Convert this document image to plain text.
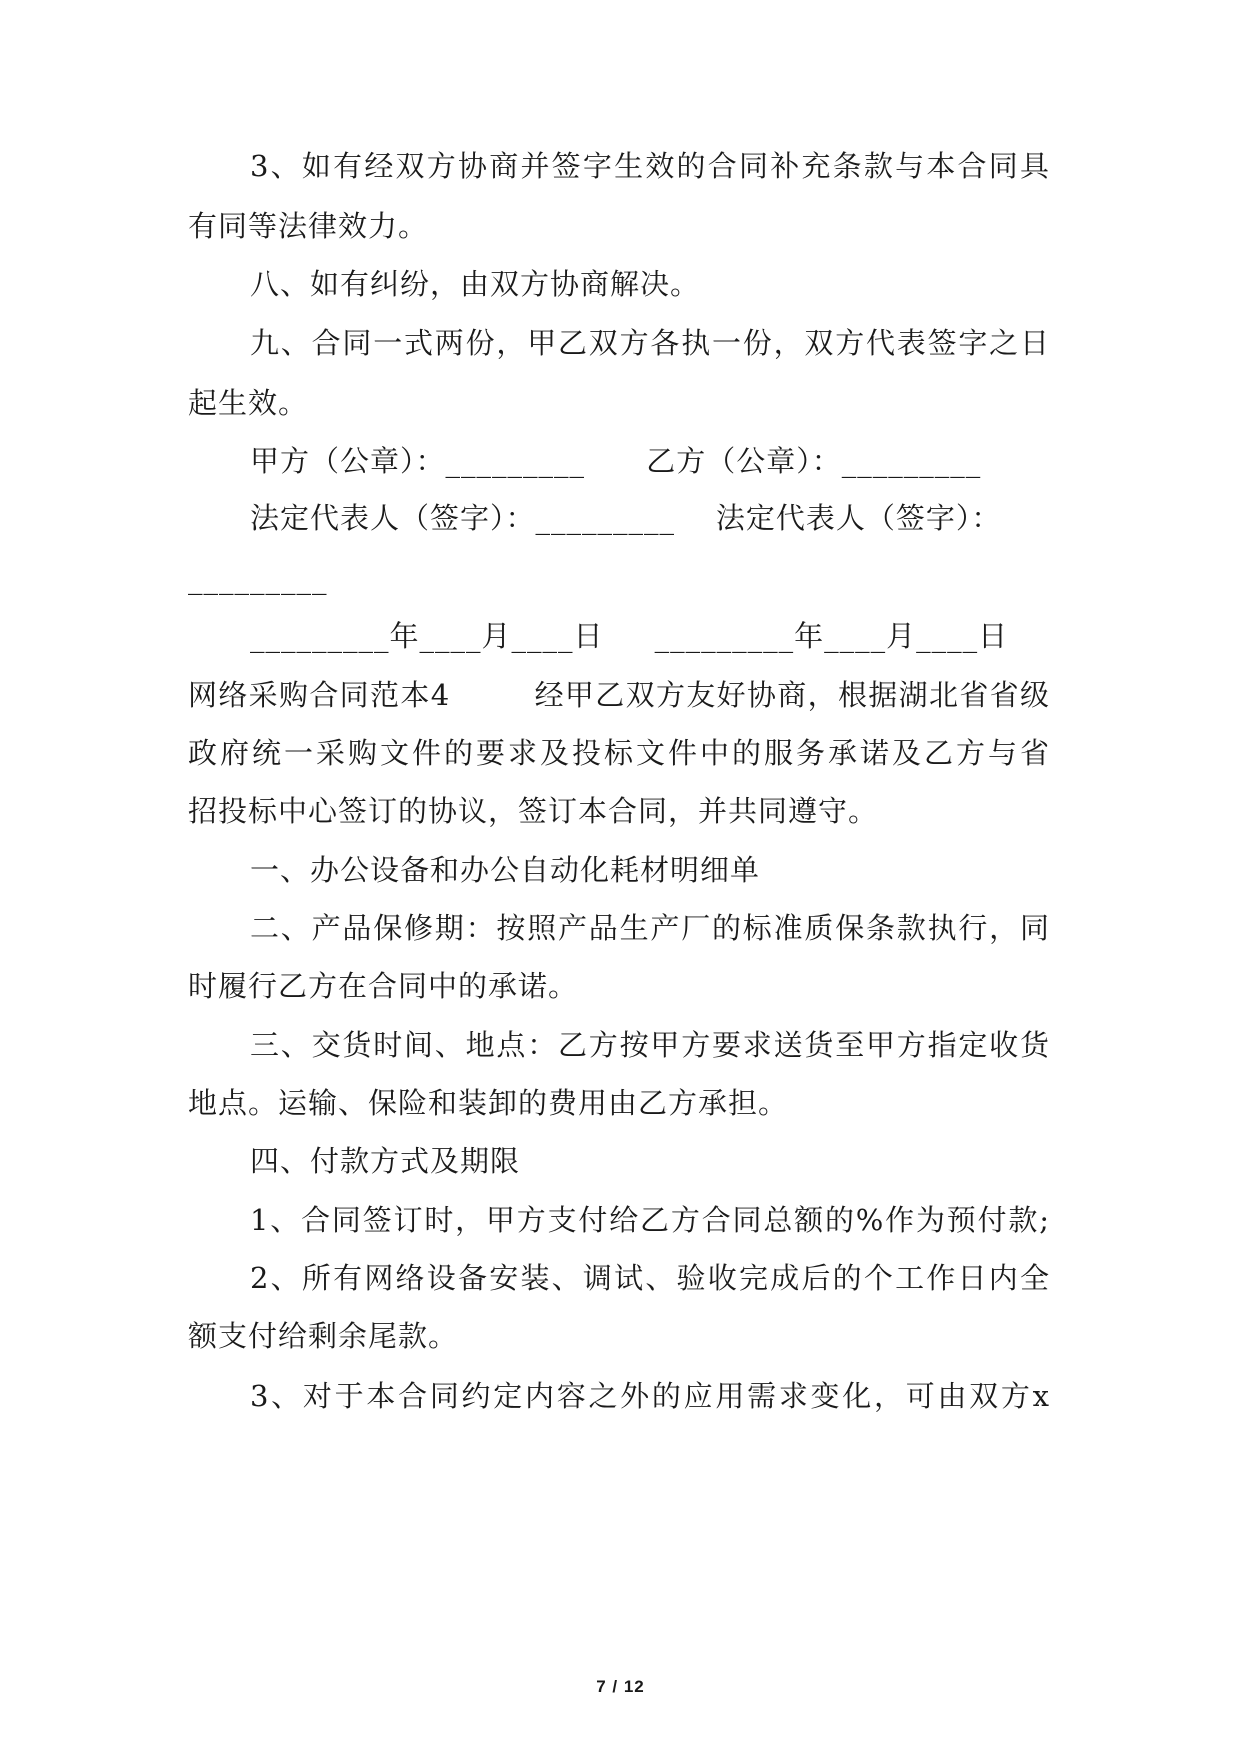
3、如有经双方协商并签字生效的合同补充条款与本合同具
有同等法律效力。
八、如有纠纷，由双方协商解决。
九、合同一式两份，甲乙双方各执一份，双方代表签字之日
起生效。
甲方（公章）：_________      乙方（公章）：_________
法定代表人（签字）：_________    法定代表人（签字）：
_________
_________年____月____日     _________年____月____日
网络采购合同范本4        经甲乙双方友好协商，根据湖北省省级
政府统一采购文件的要求及投标文件中的服务承诺及乙方与省
招投标中心签订的协议，签订本合同，并共同遵守。
一、办公设备和办公自动化耗材明细单
二、产品保修期：按照产品生产厂的标准质保条款执行，同
时履行乙方在合同中的承诺。
三、交货时间、地点：乙方按甲方要求送货至甲方指定收货
地点。运输、保险和装卸的费用由乙方承担。
四、付款方式及期限
1、合同签订时，甲方支付给乙方合同总额的%作为预付款;
2、所有网络设备安装、调试、验收完成后的个工作日内全
额支付给剩余尾款。
3、对于本合同约定内容之外的应用需求变化，可由双方x
7 / 12
